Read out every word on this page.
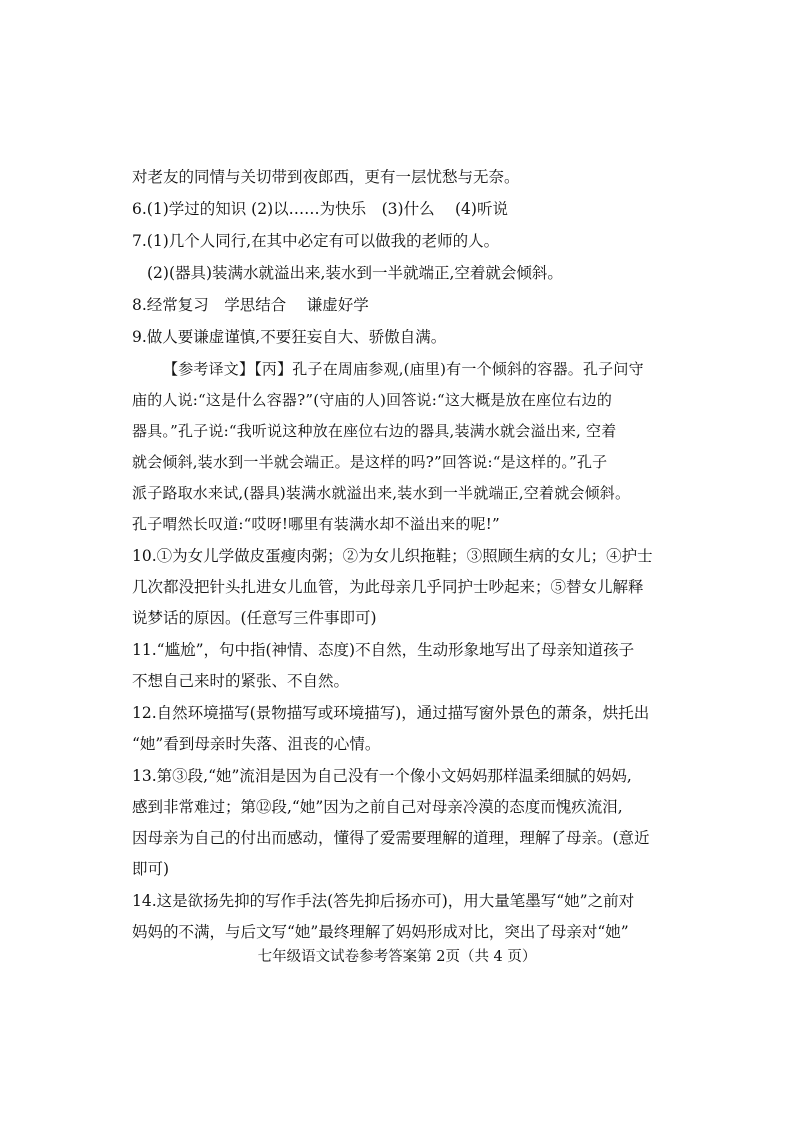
对老友的同情与关切带到夜郎西，更有一层忧愁与无奈。
6.(1)学过的知识 (2)以……为快乐　(3)什么　 (4)听说
7.(1)几个人同行,在其中必定有可以做我的老师的人。
(2)(器具)装满水就溢出来,装水到一半就端正,空着就会倾斜。
8.经常复习　学思结合　 谦虚好学
9.做人要谦虚谨慎,不要狂妄自大、骄傲自满。
【参考译文】【丙】孔子在周庙参观,(庙里)有一个倾斜的容器。孔子问守
庙的人说:“这是什么容器?”(守庙的人)回答说:“这大概是放在座位右边的
器具。”孔子说:“我听说这种放在座位右边的器具,装满水就会溢出来, 空着
就会倾斜,装水到一半就会端正。是这样的吗?”回答说:“是这样的。”孔子
派子路取水来试,(器具)装满水就溢出来,装水到一半就端正,空着就会倾斜。
孔子喟然长叹道:“哎呀!哪里有装满水却不溢出来的呢!”
10.①为女儿学做皮蛋瘦肉粥；②为女儿织拖鞋；③照顾生病的女儿；④护士
几次都没把针头扎进女儿血管，为此母亲几乎同护士吵起来；⑤替女儿解释
说梦话的原因。(任意写三件事即可)
11.“尴尬”，句中指(神情、态度)不自然，生动形象地写出了母亲知道孩子
不想自己来时的紧张、不自然。
12.自然环境描写(景物描写或环境描写)，通过描写窗外景色的萧条，烘托出
“她”看到母亲时失落、沮丧的心情。
13.第③段,“她”流泪是因为自己没有一个像小文妈妈那样温柔细腻的妈妈,
感到非常难过；第⑫段,“她”因为之前自己对母亲冷漠的态度而愧疚流泪,
因母亲为自己的付出而感动，懂得了爱需要理解的道理，理解了母亲。(意近
即可)
14.这是欲扬先抑的写作手法(答先抑后扬亦可)，用大量笔墨写“她”之前对
妈妈的不满，与后文写“她”最终理解了妈妈形成对比，突出了母亲对“她”
七年级语文试卷参考答案第 2页（共 4 页）
